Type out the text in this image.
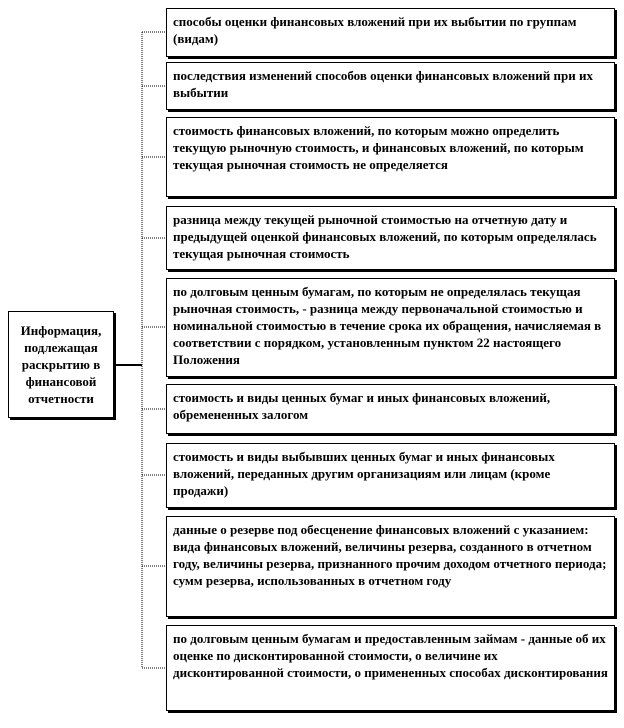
Информация, подлежащая раскрытию в финансовой отчетности
способы оценки финансовых вложений при их выбытии по группам (видам)
последствия изменений способов оценки финансовых вложений при их выбытии
стоимость финансовых вложений, по которым можно определить текущую рыночную стоимость, и финансовых вложений, по которым текущая рыночная стоимость не определяется
разница между текущей рыночной стоимостью на отчетную дату и предыдущей оценкой финансовых вложений, по которым определялась текущая рыночная стоимость
по долговым ценным бумагам, по которым не определялась текущая рыночная стоимость, - разница между первоначальной стоимостью и номинальной стоимостью в течение срока их обращения, начисляемая в соответствии с порядком, установленным пунктом 22 настоящего Положения
стоимость и виды ценных бумаг и иных финансовых вложений, обремененных залогом
стоимость и виды выбывших ценных бумаг и иных финансовых вложений, переданных другим организациям или лицам (кроме продажи)
данные о резерве под обесценение финансовых вложений с указанием: вида финансовых вложений, величины резерва, созданного в отчетном году, величины резерва, признанного прочим доходом отчетного периода; сумм резерва, использованных в отчетном году
по долговым ценным бумагам и предоставленным займам - данные об их оценке по дисконтированной стоимости, о величине их дисконтированной стоимости, о примененных способах дисконтирования
